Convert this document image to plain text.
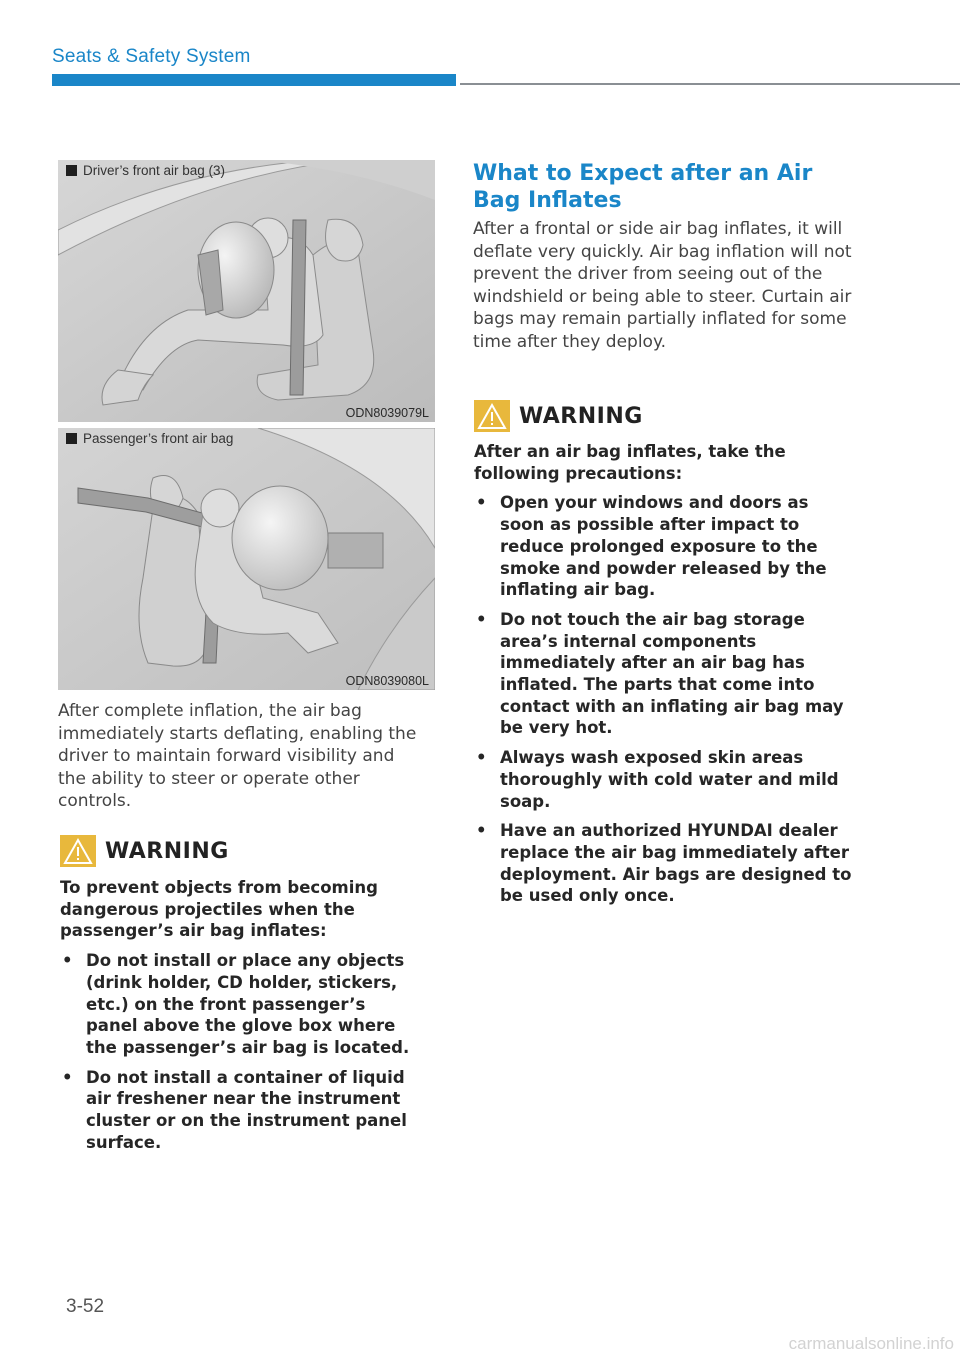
Seats & Safety System
Driver’s front air bag (3)
ODN8039079L
Passenger’s front air bag
ODN8039080L
After complete inflation, the air bag immediately starts deflating, enabling the driver to maintain forward visibility and the ability to steer or operate other controls.
WARNING
To prevent objects from becoming dangerous projectiles when the passenger’s air bag inflates:
• Do not install or place any objects (drink holder, CD holder, stickers, etc.) on the front passenger’s panel above the glove box where the passenger’s air bag is located.
• Do not install a container of liquid air freshener near the instrument cluster or on the instrument panel surface.
What to Expect after an Air Bag Inflates
After a frontal or side air bag inflates, it will deflate very quickly. Air bag inflation will not prevent the driver from seeing out of the windshield or being able to steer. Curtain air bags may remain partially inflated for some time after they deploy.
WARNING
After an air bag inflates, take the following precautions:
• Open your windows and doors as soon as possible after impact to reduce prolonged exposure to the smoke and powder released by the inflating air bag.
• Do not touch the air bag storage area’s internal components immediately after an air bag has inflated. The parts that come into contact with an inflating air bag may be very hot.
• Always wash exposed skin areas thoroughly with cold water and mild soap.
• Have an authorized HYUNDAI dealer replace the air bag immediately after deployment. Air bags are designed to be used only once.
3-52
carmanualsonline.info
